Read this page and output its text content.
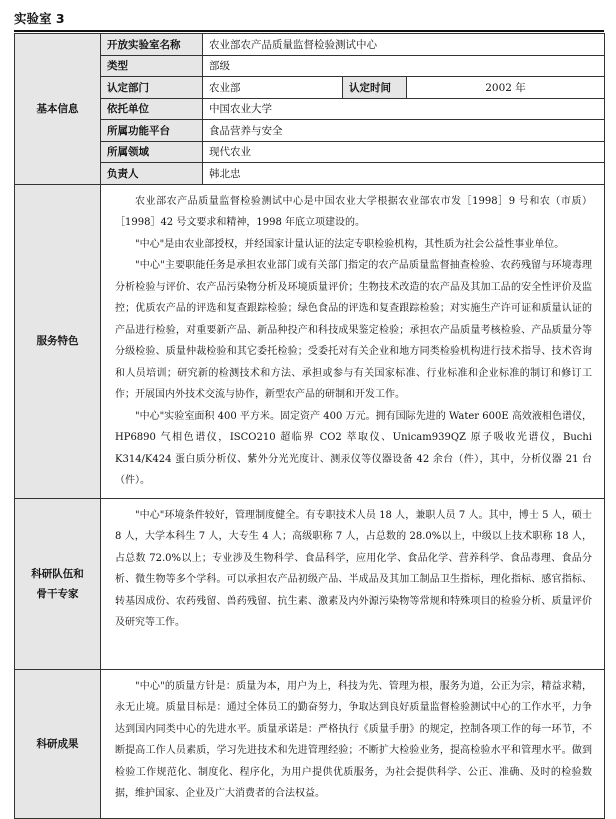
实验室 3
基本信息	开放实验室名称	农业部农产品质量监督检验测试中心		
	类型	部级		
	认定部门	农业部	认定时间	2002 年
	依托单位	中国农业大学		
	所属功能平台	食品营养与安全		
	所属领域	现代农业		
	负责人	韩北忠		
服务特色	农业部农产品质量监督检验测试中心是中国农业大学根据农业部农市发［1998］9 号和农（市质）［1998］42 号文要求和精神，1998 年底立项建设的。

"中心"是由农业部授权，并经国家计量认证的法定专职检验机构，其性质为社会公益性事业单位。

"中心"主要职能任务是承担农业部门或有关部门指定的农产品质量监督抽查检验、农药残留与环境毒理分析检验与评价、农产品污染物分析及环境质量评价；生物技术改造的农产品及其加工品的安全性评价及监控；优质农产品的评选和复查跟踪检验；绿色食品的评选和复查跟踪检验；对实施生产许可证和质量认证的产品进行检验，对重要新产品、新品种投产和科技成果鉴定检验；承担农产品质量考核检验、产品质量分等分级检验、质量仲裁检验和其它委托检验；受委托对有关企业和地方同类检验机构进行技术指导、技术咨询和人员培训；研究新的检测技术和方法、承担或参与有关国家标准、行业标准和企业标准的制订和修订工作；开展国内外技术交流与协作，新型农产品的研制和开发工作。

"中心"实验室面积 400 平方米。固定资产 400 万元。拥有国际先进的 Water 600E 高效液相色谱仪，HP6890 气相色谱仪，ISCO210 超临界 CO2 萃取仪、Unicam939QZ 原子吸收光谱仪，Buchi K314/K424 蛋白质分析仪、紫外分光光度计、测汞仪等仪器设备 42 余台（件），其中，分析仪器 21 台（件）。			

科研队伍和
骨干专家	"中心"环境条件较好，管理制度健全。有专职技术人员 18 人，兼职人员 7 人。其中，博士 5 人，硕士 8 人，大学本科生 7 人，大专生 4 人；高级职称 7 人，占总数的 28.0%以上，中级以上技术职称 18 人，占总数 72.0%以上；专业涉及生物科学、食品科学，应用化学、食品化学、营养科学、食品毒理、食品分析、微生物等多个学科。可以承担农产品初级产品、半成品及其加工制品卫生指标，理化指标、感官指标、转基因成份、农药残留、兽药残留、抗生素、激素及内外源污染物等常规和特殊项目的检验分析、质量评价及研究等工作。			

科研成果	"中心"的质量方针是：质量为本，用户为上，科技为先、管理为根，服务为道，公正为宗，精益求精，永无止境。质量目标是：通过全体员工的勤奋努力，争取达到良好质量监督检验测试中心的工作水平，力争达到国内同类中心的先进水平。质量承诺是：严格执行《质量手册》的规定，控制各项工作的每一环节，不断提高工作人员素质，学习先进技术和先进管理经验；不断扩大检验业务，提高检验水平和管理水平。做到检验工作规范化、制度化、程序化，为用户提供优质服务，为社会提供科学、公正、准确、及时的检验数据，维护国家、企业及广大消费者的合法权益。			
